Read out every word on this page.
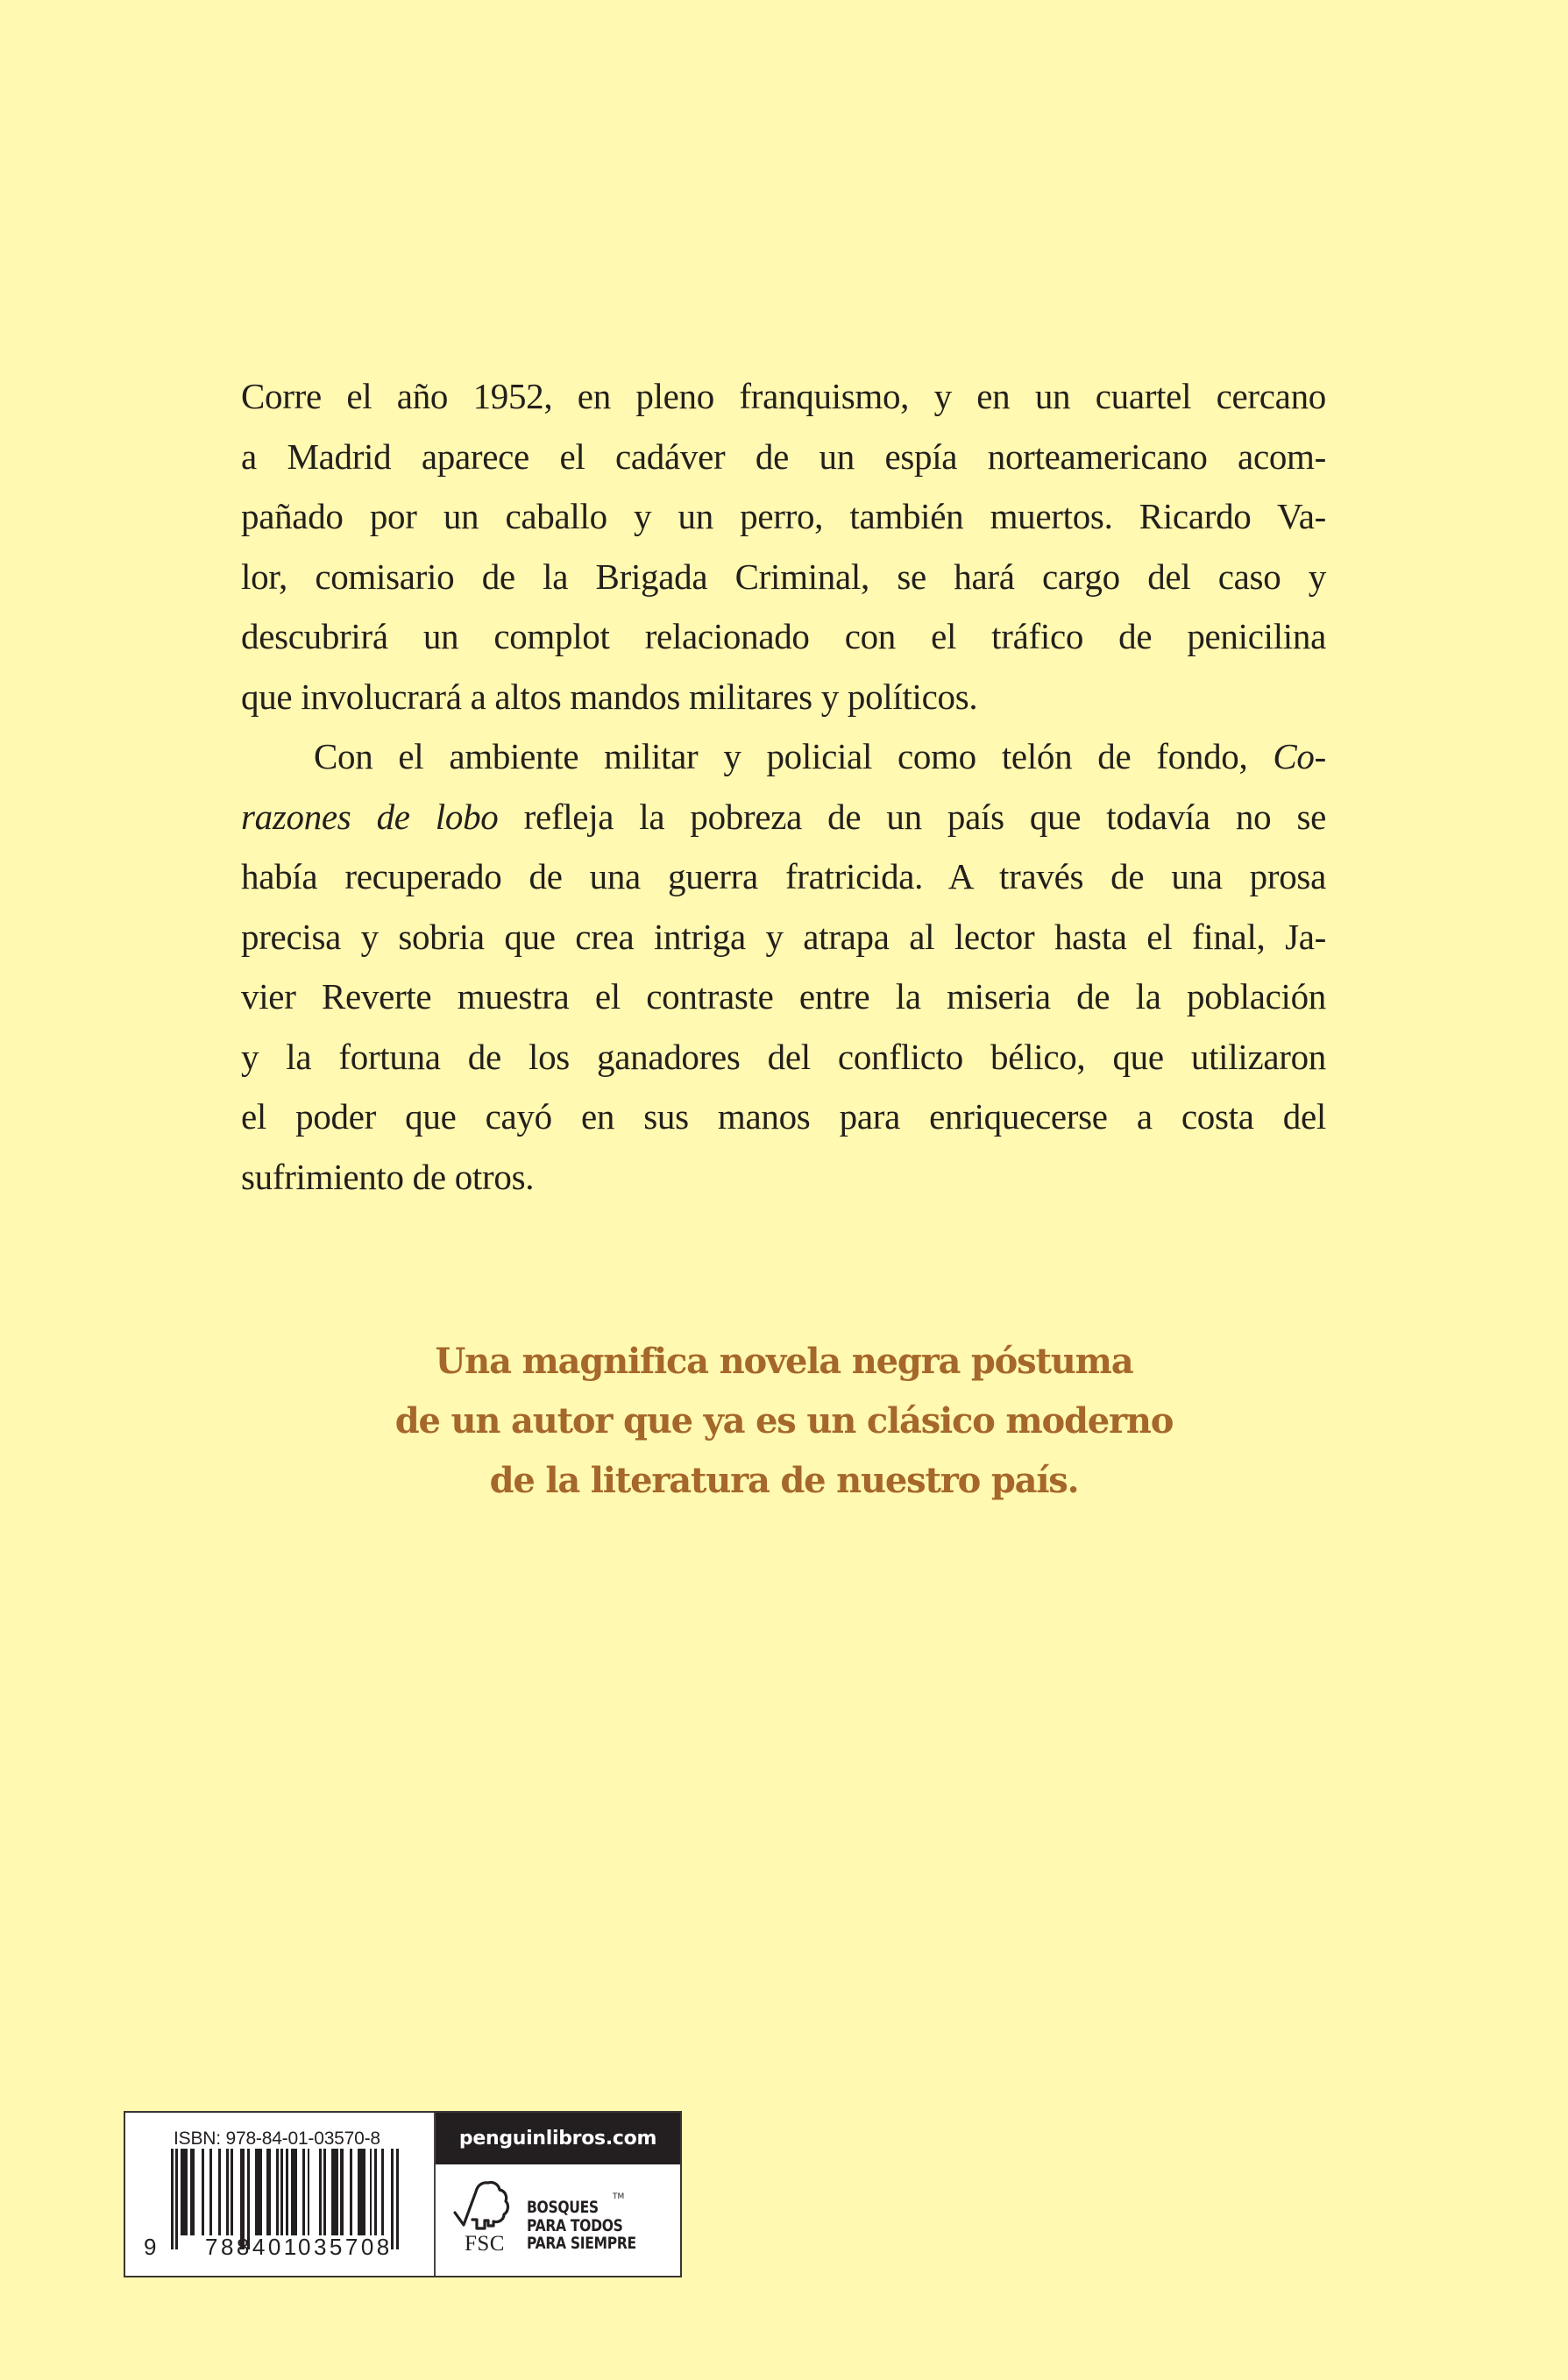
Corre el año 1952, en pleno franquismo, y en un cuartel cercano
a Madrid aparece el cadáver de un espía norteamericano acom-
pañado por un caballo y un perro, también muertos. Ricardo Va-
lor, comisario de la Brigada Criminal, se hará cargo del caso y
descubrirá un complot relacionado con el tráfico de penicilina
que involucrará a altos mandos militares y políticos.
Con el ambiente militar y policial como telón de fondo, Co-
razones de lobo refleja la pobreza de un país que todavía no se
había recuperado de una guerra fratricida. A través de una prosa
precisa y sobria que crea intriga y atrapa al lector hasta el final, Ja-
vier Reverte muestra el contraste entre la miseria de la población
y la fortuna de los ganadores del conflicto bélico, que utilizaron
el poder que cayó en sus manos para enriquecerse a costa del
sufrimiento de otros.
Una magnifica novela negra póstuma
de un autor que ya es un clásico moderno
de la literatura de nuestro país.
ISBN: 978-84-01-03570-8
9 788401
035708
penguinlibros.com
FSC
BOSQUES
PARA TODOS
PARA SIEMPRE
TM
